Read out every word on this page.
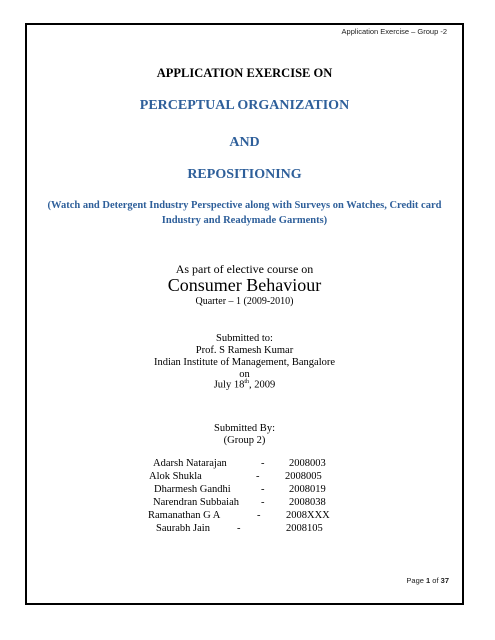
Application Exercise – Group -2
APPLICATION EXERCISE ON
PERCEPTUAL ORGANIZATION
AND
REPOSITIONING
(Watch and Detergent Industry Perspective along with Surveys on Watches, Credit card
Industry and Readymade Garments)
As part of elective course on
Consumer Behaviour
Quarter – 1 (2009-2010)
Submitted to:
Prof. S Ramesh Kumar
Indian Institute of Management, Bangalore
on
July 18th, 2009
Submitted By:
(Group 2)
Adarsh Natarajan	- 2008003
Alok Shukla	- 2008005
Dharmesh Gandhi	- 2008019
Narendran Subbaiah - 2008038
Ramanathan G A	- 2008XXX
Saurabh Jain	-	2008105
Page 1 of 37
